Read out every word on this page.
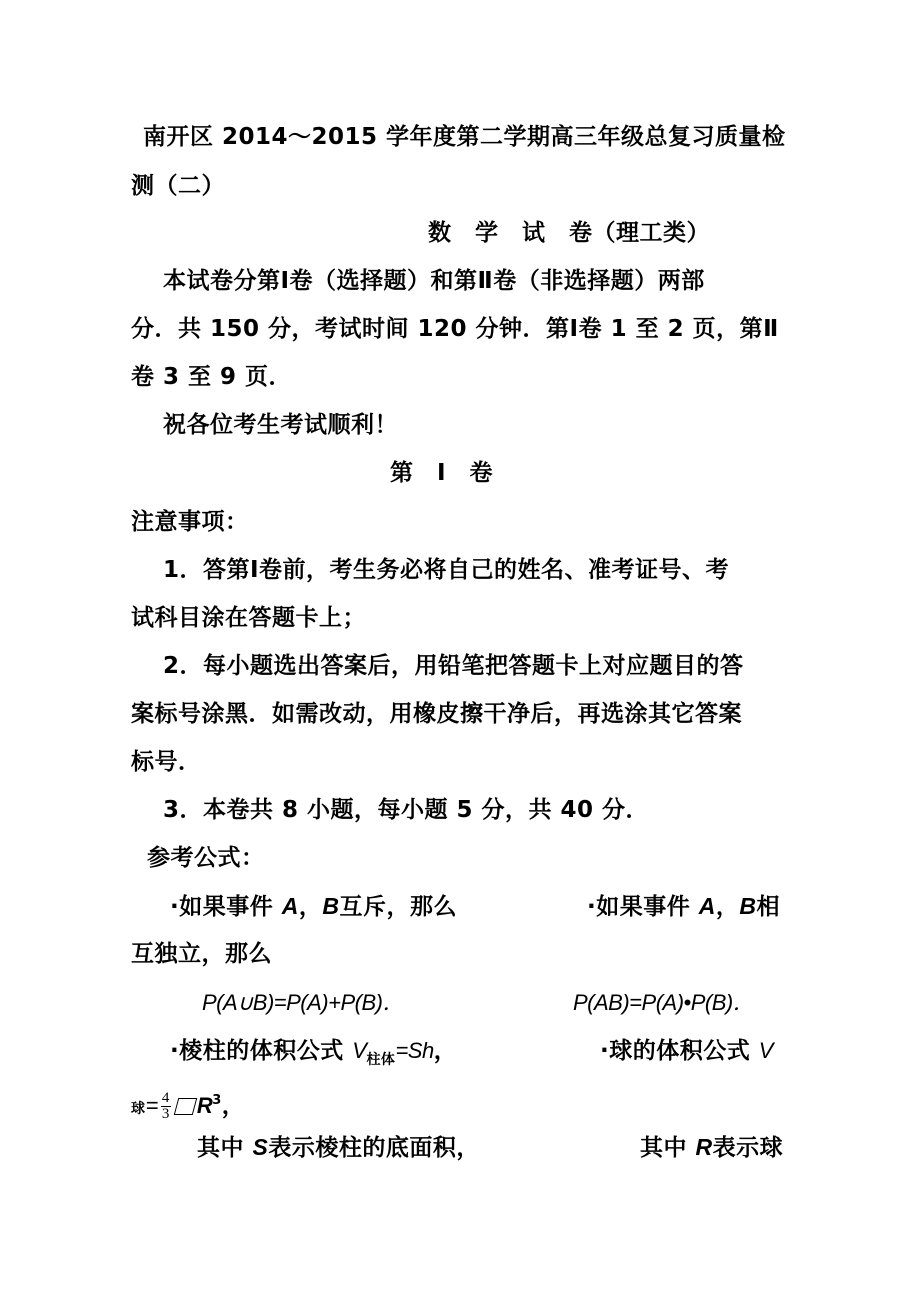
南开区 2014～2015 学年度第二学期高三年级总复习质量检
测（二）
数　学　试　卷（理工类）
本试卷分第Ⅰ卷（选择题）和第Ⅱ卷（非选择题）两部
分．共 150 分，考试时间 120 分钟．第Ⅰ卷 1 至 2 页，第Ⅱ
卷 3 至 9 页．
祝各位考生考试顺利！
第　Ⅰ　卷
注意事项：
1．答第Ⅰ卷前，考生务必将自己的姓名、准考证号、考
试科目涂在答题卡上；
2．每小题选出答案后，用铅笔把答题卡上对应题目的答
案标号涂黑．如需改动，用橡皮擦干净后，再选涂其它答案
标号．
3．本卷共 8 小题，每小题 5 分，共 40 分．
参考公式：
·如果事件 A，B互斥，那么	·如果事件 A，B相
互独立，那么
P(A∪B)=P(A)+P(B)．	P(AB)=P(A)•P(B)．
·棱柱的体积公式 $V_{柱体}=Sh$，	·球的体积公式 V
球= $\frac{4}{3} R^3$，
其中 S表示棱柱的底面积，	其中 R表示球
